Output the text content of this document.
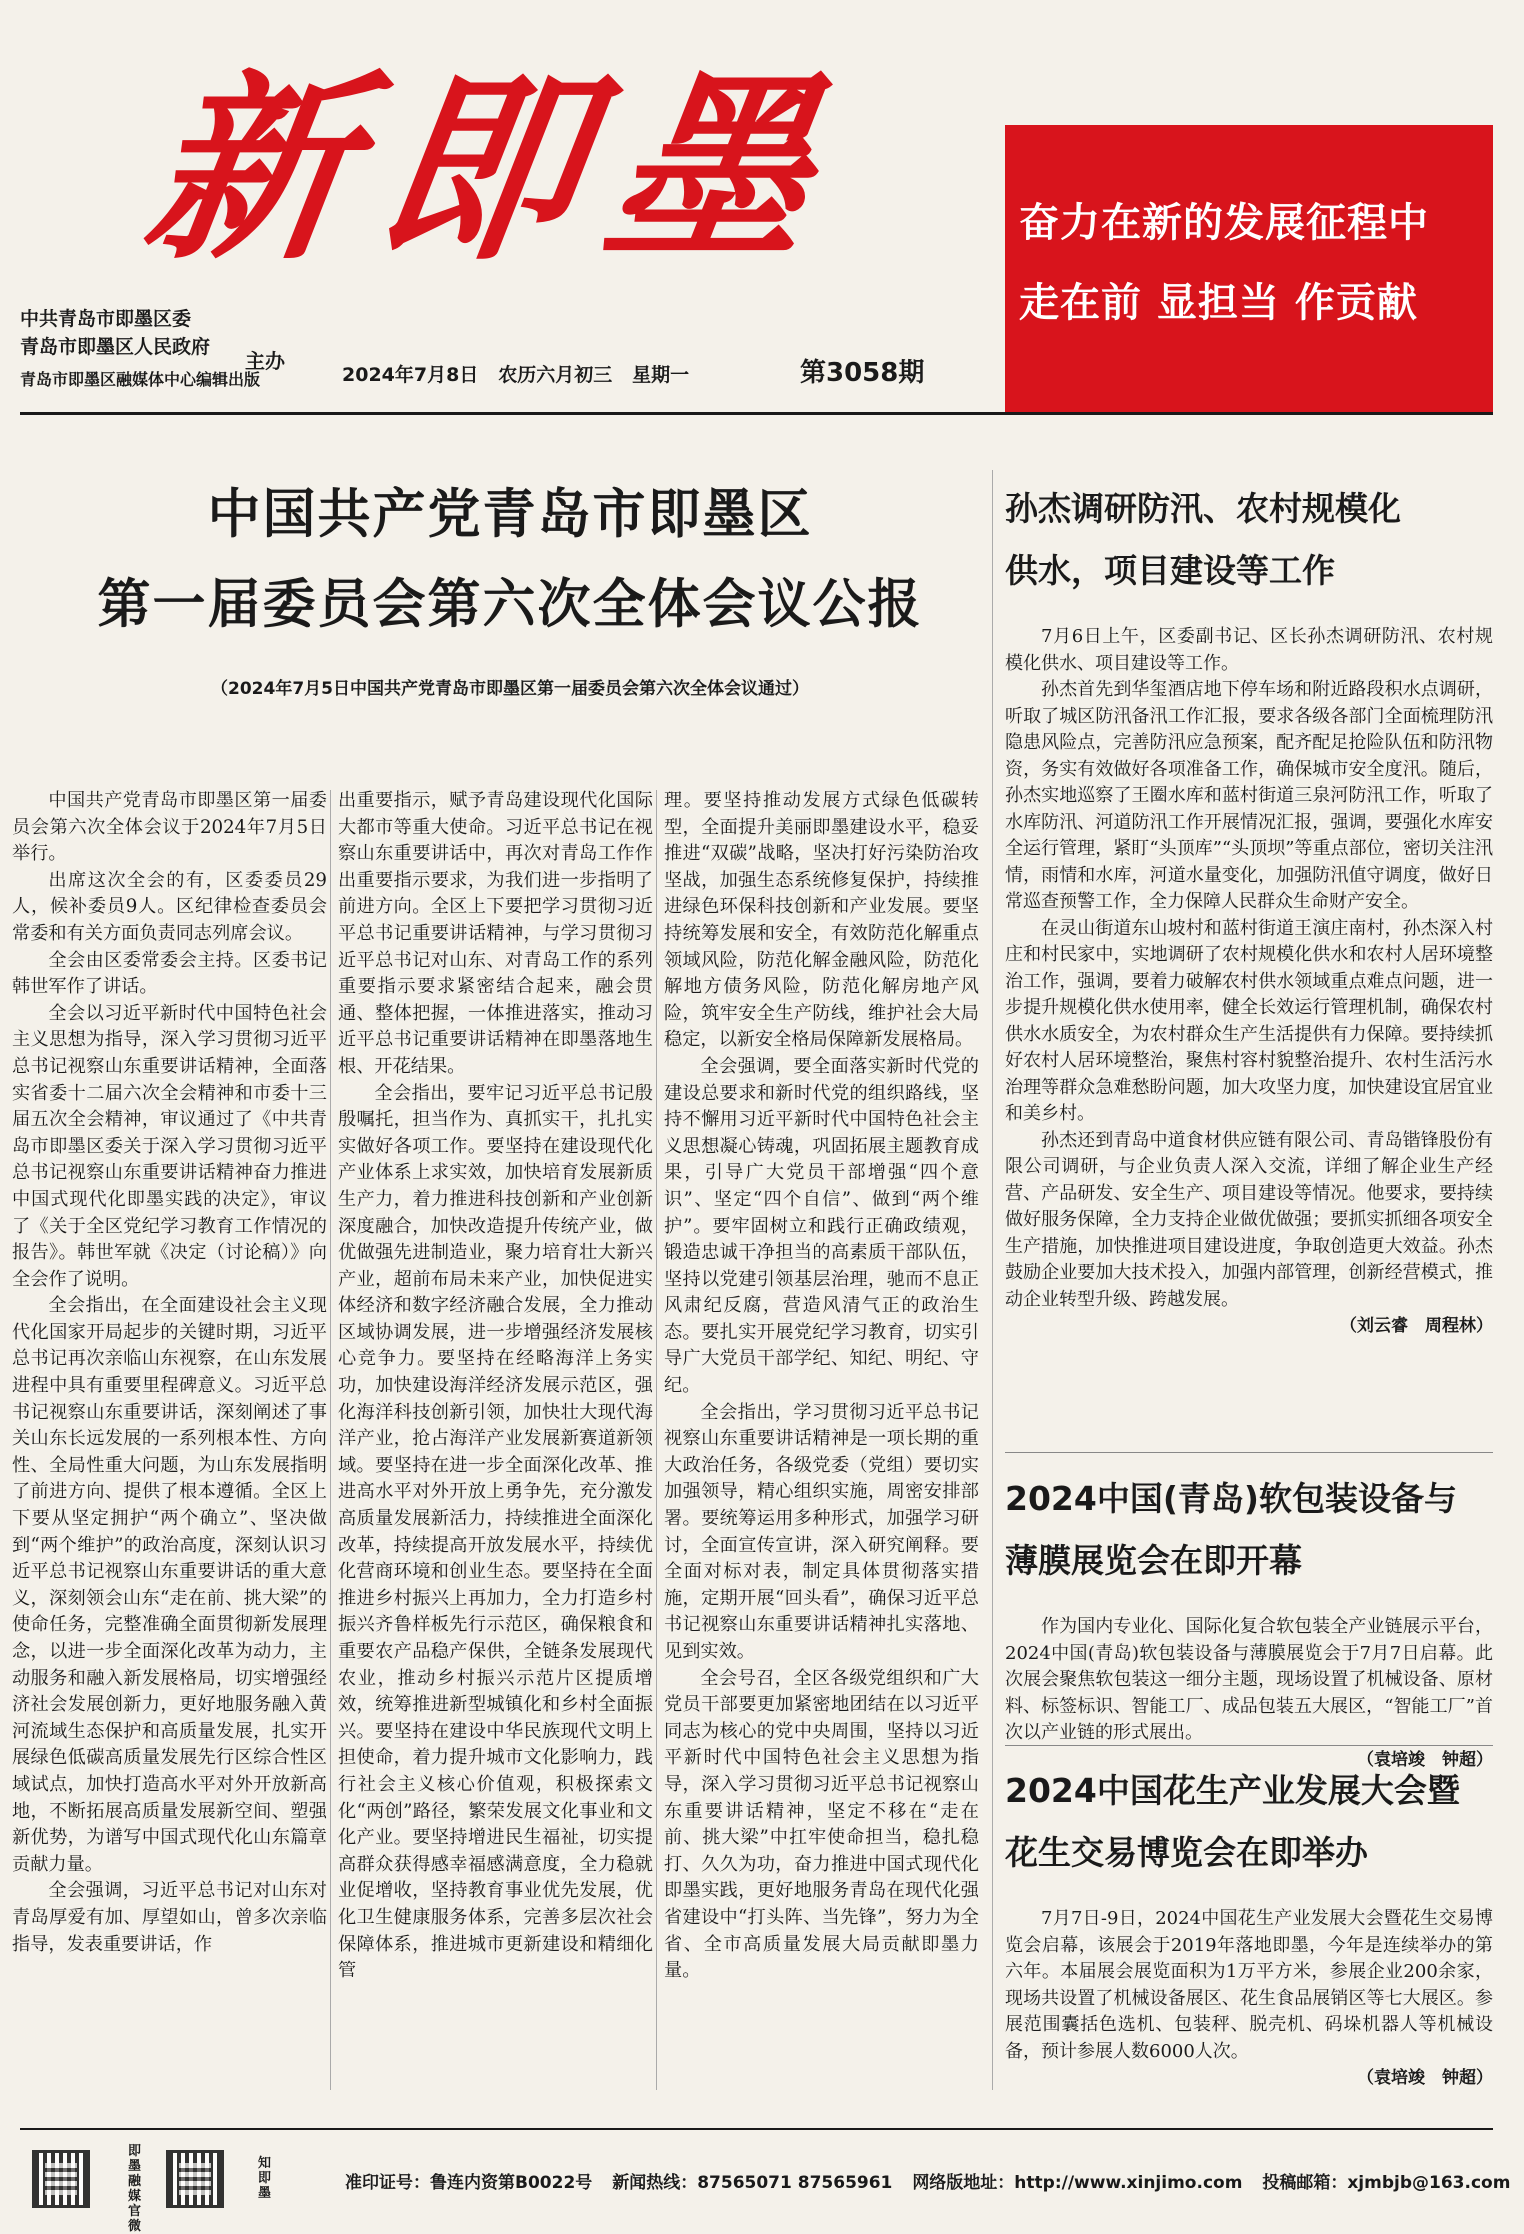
新即墨
中共青岛市即墨区委
青岛市即墨区人民政府
主办
青岛市即墨区融媒体中心编辑出版	2024年7月8日 农历六月初三 星期一	第3058期
奋力在新的发展征程中
走在前 显担当 作贡献
中国共产党青岛市即墨区
第一届委员会第六次全体会议公报
（2024年7月5日中国共产党青岛市即墨区第一届委员会第六次全体会议通过）

中国共产党青岛市即墨区第一届委员会第六次全体会议于2024年7月5日举行。

出席这次全会的有，区委委员29人，候补委员9人。区纪律检查委员会常委和有关方面负责同志列席会议。

全会由区委常委会主持。区委书记韩世军作了讲话。

全会以习近平新时代中国特色社会主义思想为指导，深入学习贯彻习近平总书记视察山东重要讲话精神，全面落实省委十二届六次全会精神和市委十三届五次全会精神，审议通过了《中共青岛市即墨区委关于深入学习贯彻习近平总书记视察山东重要讲话精神奋力推进中国式现代化即墨实践的决定》，审议了《关于全区党纪学习教育工作情况的报告》。韩世军就《决定（讨论稿）》向全会作了说明。

全会指出，在全面建设社会主义现代化国家开局起步的关键时期，习近平总书记再次亲临山东视察，在山东发展进程中具有重要里程碑意义。习近平总书记视察山东重要讲话，深刻阐述了事关山东长远发展的一系列根本性、方向性、全局性重大问题，为山东发展指明了前进方向、提供了根本遵循。全区上下要从坚定拥护“两个确立”、坚决做到“两个维护”的政治高度，深刻认识习近平总书记视察山东重要讲话的重大意义，深刻领会山东“走在前、挑大梁”的使命任务，完整准确全面贯彻新发展理念，以进一步全面深化改革为动力，主动服务和融入新发展格局，切实增强经济社会发展创新力，更好地服务融入黄河流域生态保护和高质量发展，扎实开展绿色低碳高质量发展先行区综合性区域试点，加快打造高水平对外开放新高地，不断拓展高质量发展新空间、塑强新优势，为谱写中国式现代化山东篇章贡献力量。

全会强调，习近平总书记对山东对青岛厚爱有加、厚望如山，曾多次亲临指导，发表重要讲话，作

出重要指示，赋予青岛建设现代化国际大都市等重大使命。习近平总书记在视察山东重要讲话中，再次对青岛工作作出重要指示要求，为我们进一步指明了前进方向。全区上下要把学习贯彻习近平总书记重要讲话精神，与学习贯彻习近平总书记对山东、对青岛工作的系列重要指示要求紧密结合起来，融会贯通、整体把握，一体推进落实，推动习近平总书记重要讲话精神在即墨落地生根、开花结果。

全会指出，要牢记习近平总书记殷殷嘱托，担当作为、真抓实干，扎扎实实做好各项工作。要坚持在建设现代化产业体系上求实效，加快培育发展新质生产力，着力推进科技创新和产业创新深度融合，加快改造提升传统产业，做优做强先进制造业，聚力培育壮大新兴产业，超前布局未来产业，加快促进实体经济和数字经济融合发展，全力推动区域协调发展，进一步增强经济发展核心竞争力。要坚持在经略海洋上务实功，加快建设海洋经济发展示范区，强化海洋科技创新引领，加快壮大现代海洋产业，抢占海洋产业发展新赛道新领域。要坚持在进一步全面深化改革、推进高水平对外开放上勇争先，充分激发高质量发展新活力，持续推进全面深化改革，持续提高开放发展水平，持续优化营商环境和创业生态。要坚持在全面推进乡村振兴上再加力，全力打造乡村振兴齐鲁样板先行示范区，确保粮食和重要农产品稳产保供，全链条发展现代农业，推动乡村振兴示范片区提质增效，统筹推进新型城镇化和乡村全面振兴。要坚持在建设中华民族现代文明上担使命，着力提升城市文化影响力，践行社会主义核心价值观，积极探索文化“两创”路径，繁荣发展文化事业和文化产业。要坚持增进民生福祉，切实提高群众获得感幸福感满意度，全力稳就业促增收，坚持教育事业优先发展，优化卫生健康服务体系，完善多层次社会保障体系，推进城市更新建设和精细化管

理。要坚持推动发展方式绿色低碳转型，全面提升美丽即墨建设水平，稳妥推进“双碳”战略，坚决打好污染防治攻坚战，加强生态系统修复保护，持续推进绿色环保科技创新和产业发展。要坚持统筹发展和安全，有效防范化解重点领域风险，防范化解金融风险，防范化解地方债务风险，防范化解房地产风险，筑牢安全生产防线，维护社会大局稳定，以新安全格局保障新发展格局。

全会强调，要全面落实新时代党的建设总要求和新时代党的组织路线，坚持不懈用习近平新时代中国特色社会主义思想凝心铸魂，巩固拓展主题教育成果，引导广大党员干部增强“四个意识”、坚定“四个自信”、做到“两个维护”。要牢固树立和践行正确政绩观，锻造忠诚干净担当的高素质干部队伍，坚持以党建引领基层治理，驰而不息正风肃纪反腐，营造风清气正的政治生态。要扎实开展党纪学习教育，切实引导广大党员干部学纪、知纪、明纪、守纪。

全会指出，学习贯彻习近平总书记视察山东重要讲话精神是一项长期的重大政治任务，各级党委（党组）要切实加强领导，精心组织实施，周密安排部署。要统筹运用多种形式，加强学习研讨，全面宣传宣讲，深入研究阐释。要全面对标对表，制定具体贯彻落实措施，定期开展“回头看”，确保习近平总书记视察山东重要讲话精神扎实落地、见到实效。

全会号召，全区各级党组织和广大党员干部要更加紧密地团结在以习近平同志为核心的党中央周围，坚持以习近平新时代中国特色社会主义思想为指导，深入学习贯彻习近平总书记视察山东重要讲话精神，坚定不移在“走在前、挑大梁”中扛牢使命担当，稳扎稳打、久久为功，奋力推进中国式现代化即墨实践，更好地服务青岛在现代化强省建设中“打头阵、当先锋”，努力为全省、全市高质量发展大局贡献即墨力量。

孙杰调研防汛、农村规模化
供水，项目建设等工作

7月6日上午，区委副书记、区长孙杰调研防汛、农村规模化供水、项目建设等工作。

孙杰首先到华玺酒店地下停车场和附近路段积水点调研，听取了城区防汛备汛工作汇报，要求各级各部门全面梳理防汛隐患风险点，完善防汛应急预案，配齐配足抢险队伍和防汛物资，务实有效做好各项准备工作，确保城市安全度汛。随后，孙杰实地巡察了王圈水库和蓝村街道三泉河防汛工作，听取了水库防汛、河道防汛工作开展情况汇报，强调，要强化水库安全运行管理，紧盯“头顶库”“头顶坝”等重点部位，密切关注汛情，雨情和水库，河道水量变化，加强防汛值守调度，做好日常巡查预警工作，全力保障人民群众生命财产安全。

在灵山街道东山坡村和蓝村街道王演庄南村，孙杰深入村庄和村民家中，实地调研了农村规模化供水和农村人居环境整治工作，强调，要着力破解农村供水领域重点难点问题，进一步提升规模化供水使用率，健全长效运行管理机制，确保农村供水水质安全，为农村群众生产生活提供有力保障。要持续抓好农村人居环境整治，聚焦村容村貌整治提升、农村生活污水治理等群众急难愁盼问题，加大攻坚力度，加快建设宜居宜业和美乡村。

孙杰还到青岛中道食材供应链有限公司、青岛锴锋股份有限公司调研，与企业负责人深入交流，详细了解企业生产经营、产品研发、安全生产、项目建设等情况。他要求，要持续做好服务保障，全力支持企业做优做强；要抓实抓细各项安全生产措施，加快推进项目建设进度，争取创造更大效益。孙杰鼓励企业要加大技术投入，加强内部管理，创新经营模式，推动企业转型升级、跨越发展。

（刘云睿　周程林）
2024中国(青岛)软包装设备与
薄膜展览会在即开幕

作为国内专业化、国际化复合软包装全产业链展示平台，2024中国(青岛)软包装设备与薄膜展览会于7月7日启幕。此次展会聚焦软包装这一细分主题，现场设置了机械设备、原材料、标签标识、智能工厂、成品包装五大展区，“智能工厂”首次以产业链的形式展出。

（袁培竣　钟超）
2024中国花生产业发展大会暨
花生交易博览会在即举办

7月7日-9日，2024中国花生产业发展大会暨花生交易博览会启幕，该展会于2019年落地即墨，今年是连续举办的第六年。本届展会展览面积为1万平方米，参展企业200余家，现场共设置了机械设备展区、花生食品展销区等七大展区。参展范围囊括色选机、包装秤、脱壳机、码垛机器人等机械设备，预计参展人数6000人次。

（袁培竣　钟超）
即墨融媒官微
知即墨
准印证号：鲁连内资第B0022号 新闻热线：87565071 87565961 网络版地址：http://www.xinjimo.com 投稿邮箱：xjmbjb@163.com
